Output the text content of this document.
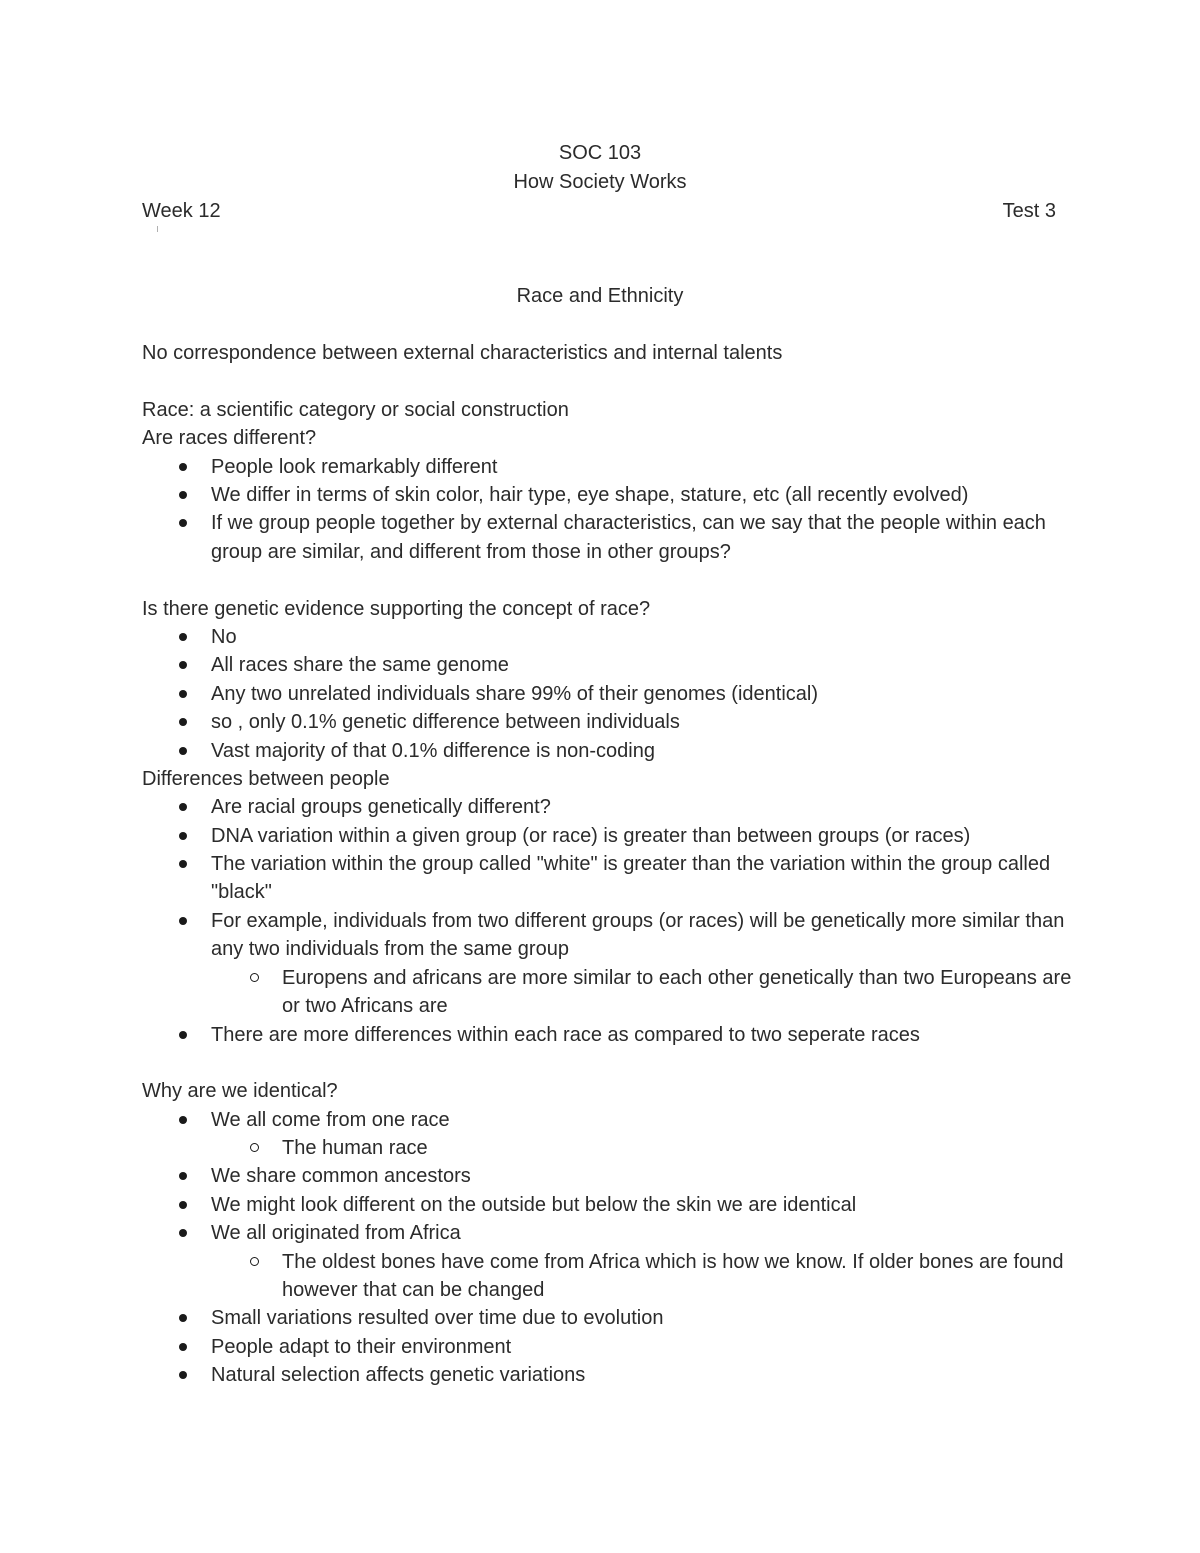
SOC 103
How Society Works
Week 12	Test 3
Race and Ethnicity
No correspondence between external characteristics and internal talents
Race: a scientific category or social construction
Are races different?
People look remarkably different
We differ in terms of skin color, hair type, eye shape, stature, etc (all recently evolved)
If we group people together by external characteristics, can we say that the people within each group are similar, and different from those in other groups?
Is there genetic evidence supporting the concept of race?
No
All races share the same genome
Any two unrelated individuals share 99% of their genomes (identical)
so , only 0.1% genetic difference between individuals
Vast majority of that 0.1% difference is non-coding
Differences between people
Are racial groups genetically different?
DNA variation within a given group (or race) is greater than between groups (or races)
The variation within the group called "white" is greater than the variation within the group called "black"
For example, individuals from two different groups (or races) will be genetically more similar than any two individuals from the same group
Europens and africans are more similar to each other genetically than two Europeans are or two Africans are
There are more differences within each race as compared to two seperate races
Why are we identical?
We all come from one race
The human race
We share common ancestors
We might look different on the outside but below the skin we are identical
We all originated from Africa
The oldest bones have come from Africa which is how we know. If older bones are found however that can be changed
Small variations resulted over time due to evolution
People adapt to their environment
Natural selection affects genetic variations
